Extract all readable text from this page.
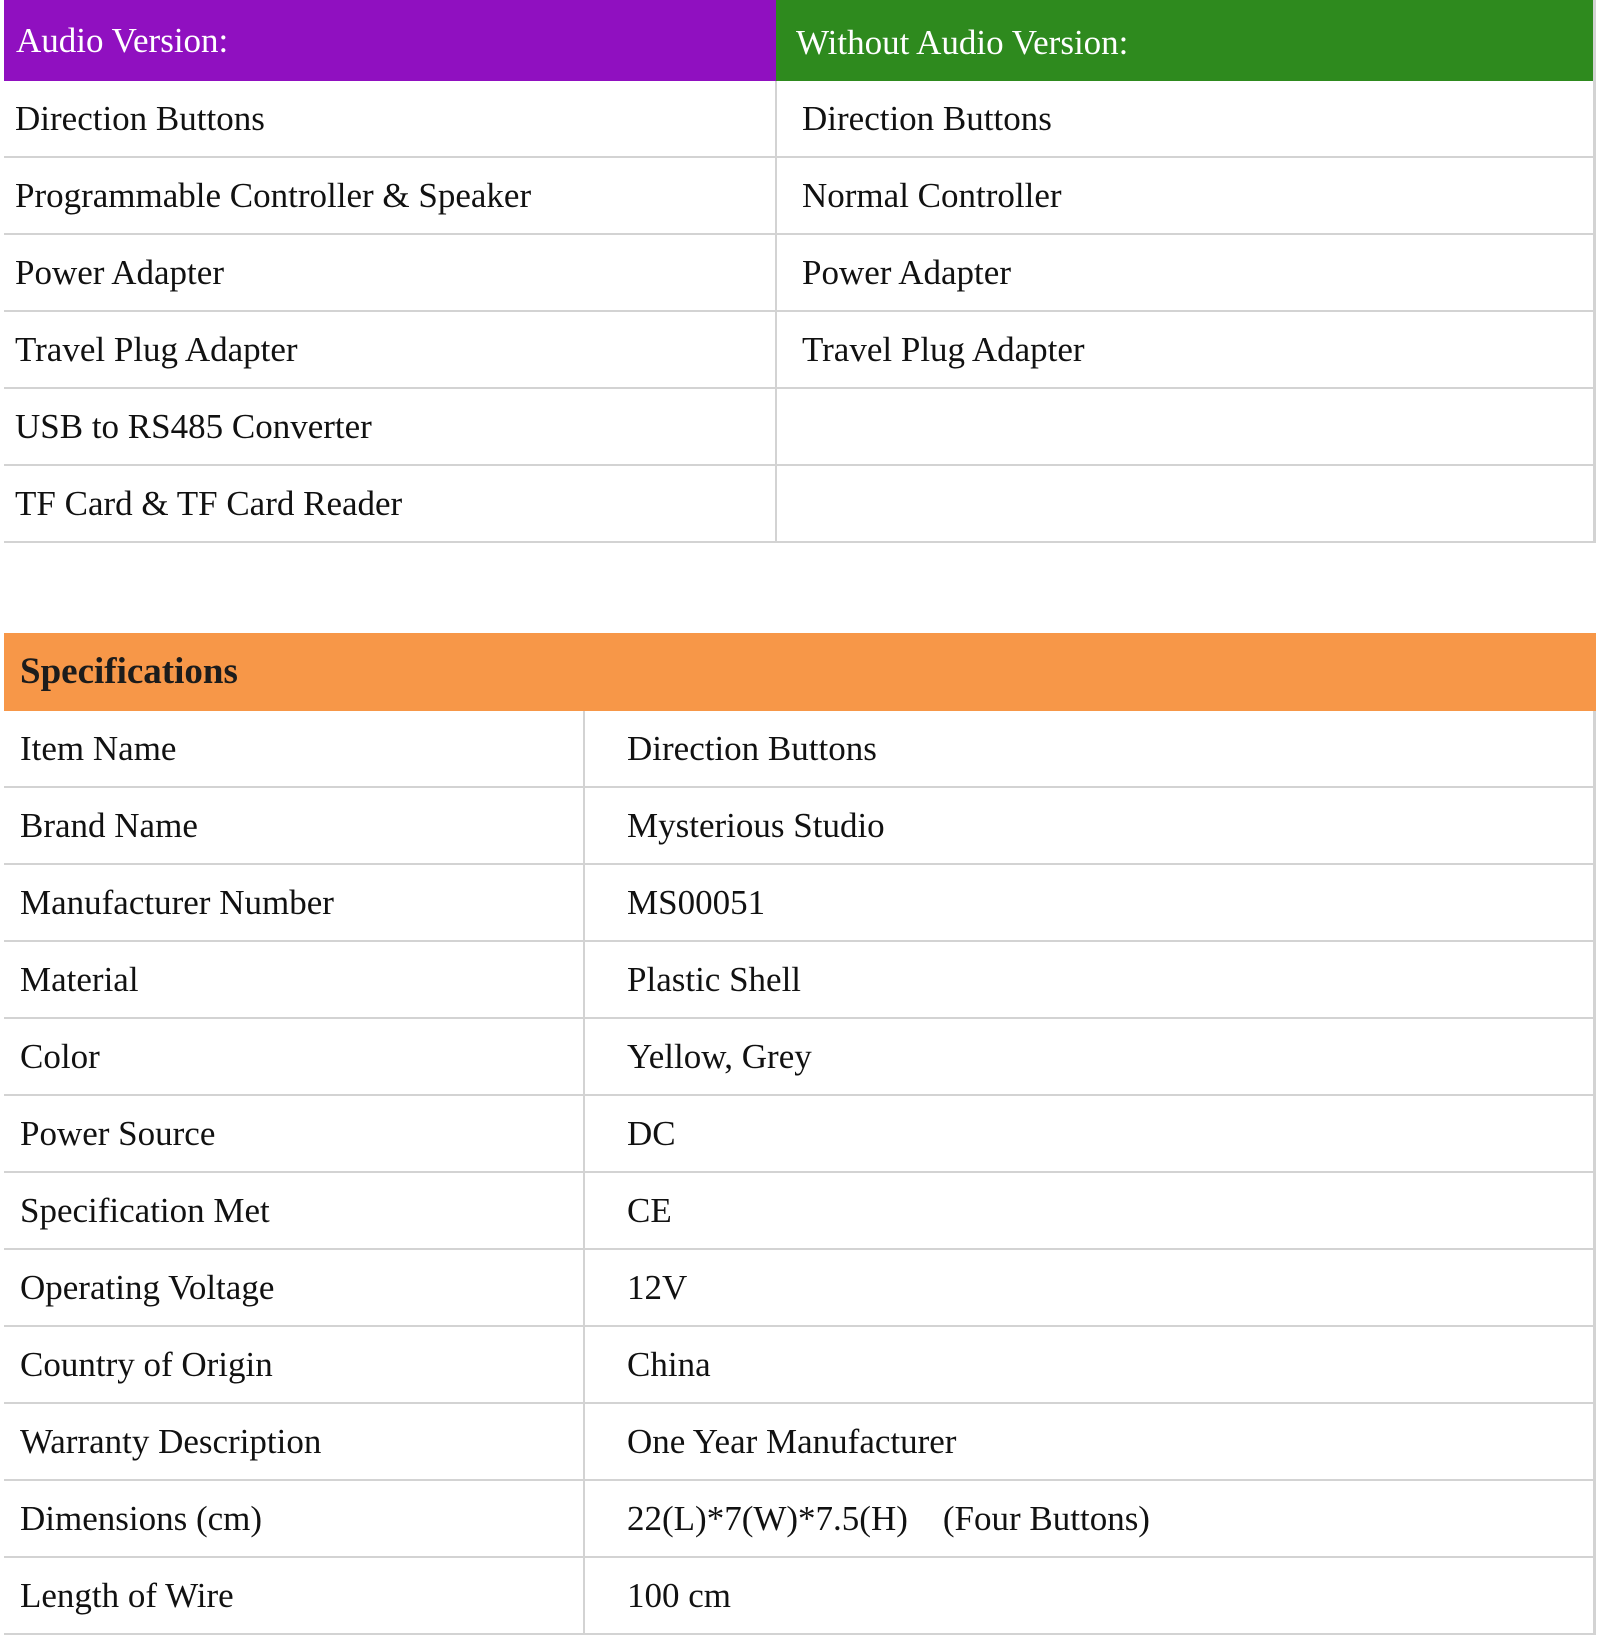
Audio Version:	Without Audio Version:
Direction Buttons	Direction Buttons
Programmable Controller & Speaker	Normal Controller
Power Adapter	Power Adapter
Travel Plug Adapter	Travel Plug Adapter
USB to RS485 Converter	
TF Card & TF Card Reader	
Specifications
Item Name	Direction Buttons
Brand Name	Mysterious Studio
Manufacturer Number	MS00051
Material	Plastic Shell
Color	Yellow, Grey
Power Source	DC
Specification Met	CE
Operating Voltage	12V
Country of Origin	China
Warranty Description	One Year Manufacturer
Dimensions (cm)	22(L)*7(W)*7.5(H)    (Four Buttons)
Length of Wire	100 cm
